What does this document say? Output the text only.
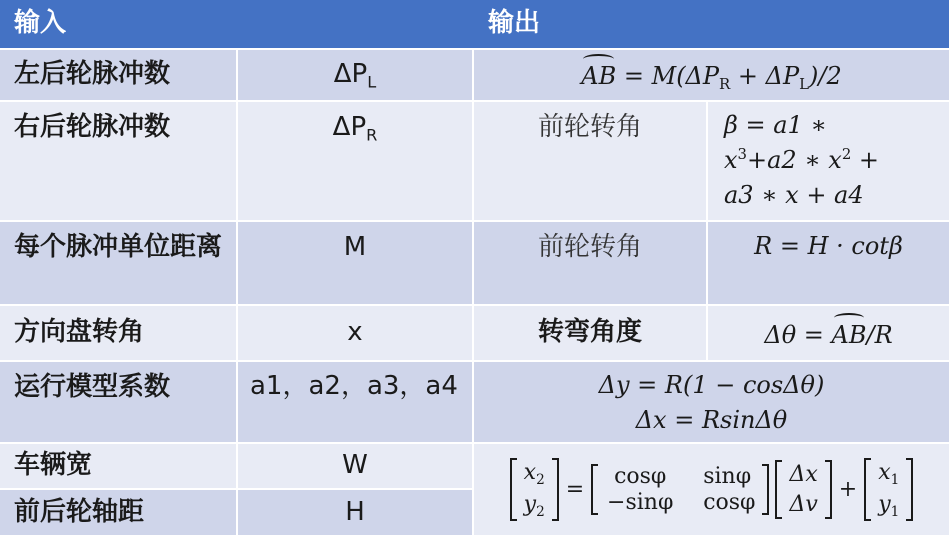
输入	输出
左后轮脉冲数	$\Delta P_L$	AB = $M(\Delta P_R + \Delta P_L)/2$
右后轮脉冲数	$\Delta P_R$	前轮转角	β = a1 ∗
$x^3+a2$ ∗ $x^2$ +
a3 ∗ x + a4
每个脉冲单位距离	M	前轮转角	R = H · cotβ
方向盘转角	x	转弯角度	Δθ = AB/R
运行模型系数	a1，a2，a3，a4	Δy = R(1 − cosΔθ)
Δx = RsinΔθ
车辆宽	W
前后轮轴距	H
$x_2$
$y_2$
=	cosφ	sinφ
−sinφ cosφ
Δx
Δv
+
$x_1$
$y_1$
